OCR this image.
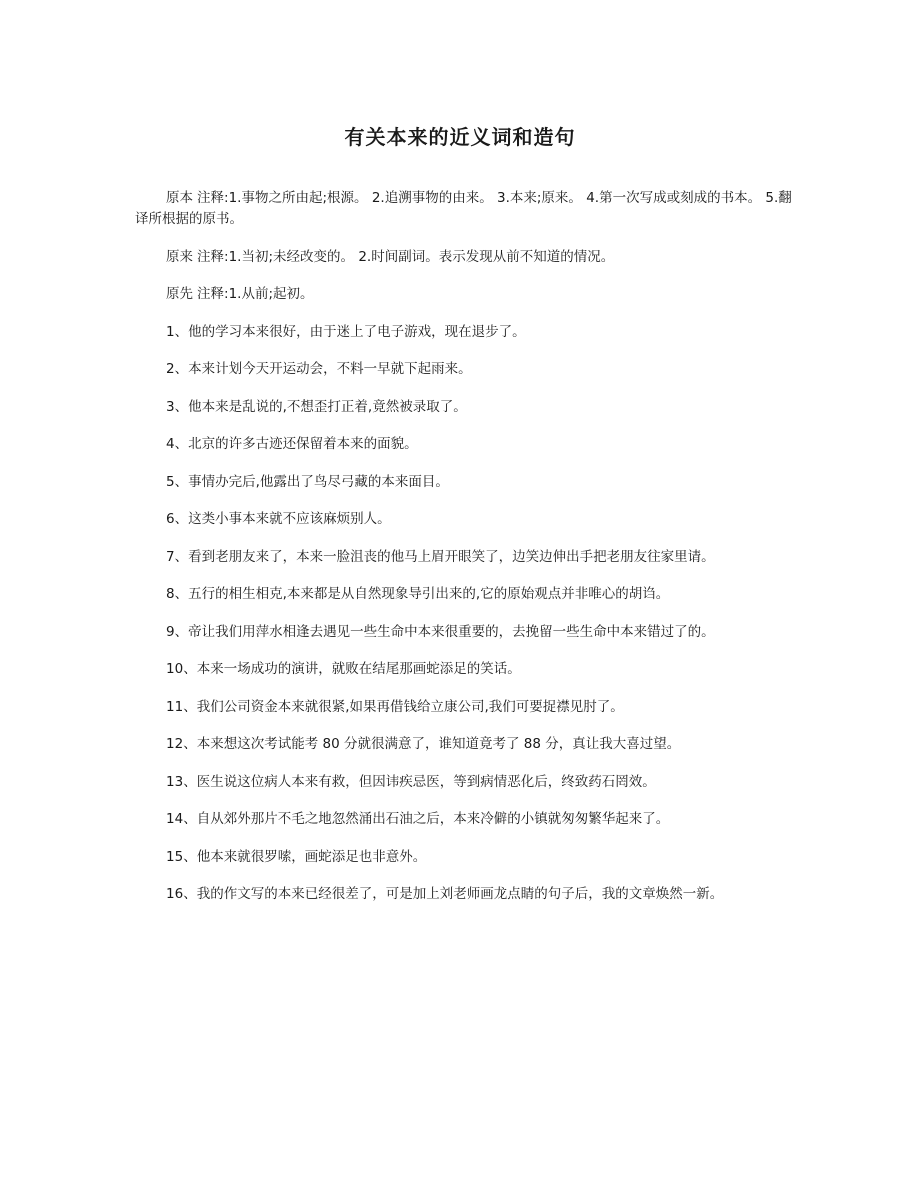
有关本来的近义词和造句

原本 注释:1.事物之所由起;根源。 2.追溯事物的由来。 3.本来;原来。 4.第一次写成或刻成的书本。 5.翻译所根据的原书。

原来 注释:1.当初;未经改变的。 2.时间副词。表示发现从前不知道的情况。

原先 注释:1.从前;起初。

1、他的学习本来很好，由于迷上了电子游戏，现在退步了。

2、本来计划今天开运动会，不料一早就下起雨来。

3、他本来是乱说的,不想歪打正着,竟然被录取了。

4、北京的许多古迹还保留着本来的面貌。

5、事情办完后,他露出了鸟尽弓藏的本来面目。

6、这类小事本来就不应该麻烦别人。

7、看到老朋友来了，本来一脸沮丧的他马上眉开眼笑了，边笑边伸出手把老朋友往家里请。

8、五行的相生相克,本来都是从自然现象导引出来的,它的原始观点并非唯心的胡诌。

9、帝让我们用萍水相逢去遇见一些生命中本来很重要的，去挽留一些生命中本来错过了的。

10、本来一场成功的演讲，就败在结尾那画蛇添足的笑话。

11、我们公司资金本来就很紧,如果再借钱给立康公司,我们可要捉襟见肘了。

12、本来想这次考试能考 80 分就很满意了，谁知道竟考了 88 分，真让我大喜过望。

13、医生说这位病人本来有救，但因讳疾忌医，等到病情恶化后，终致药石罔效。

14、自从郊外那片不毛之地忽然涌出石油之后，本来冷僻的小镇就匆匆繁华起来了。

15、他本来就很罗嗦，画蛇添足也非意外。

16、我的作文写的本来已经很差了，可是加上刘老师画龙点睛的句子后，我的文章焕然一新。
